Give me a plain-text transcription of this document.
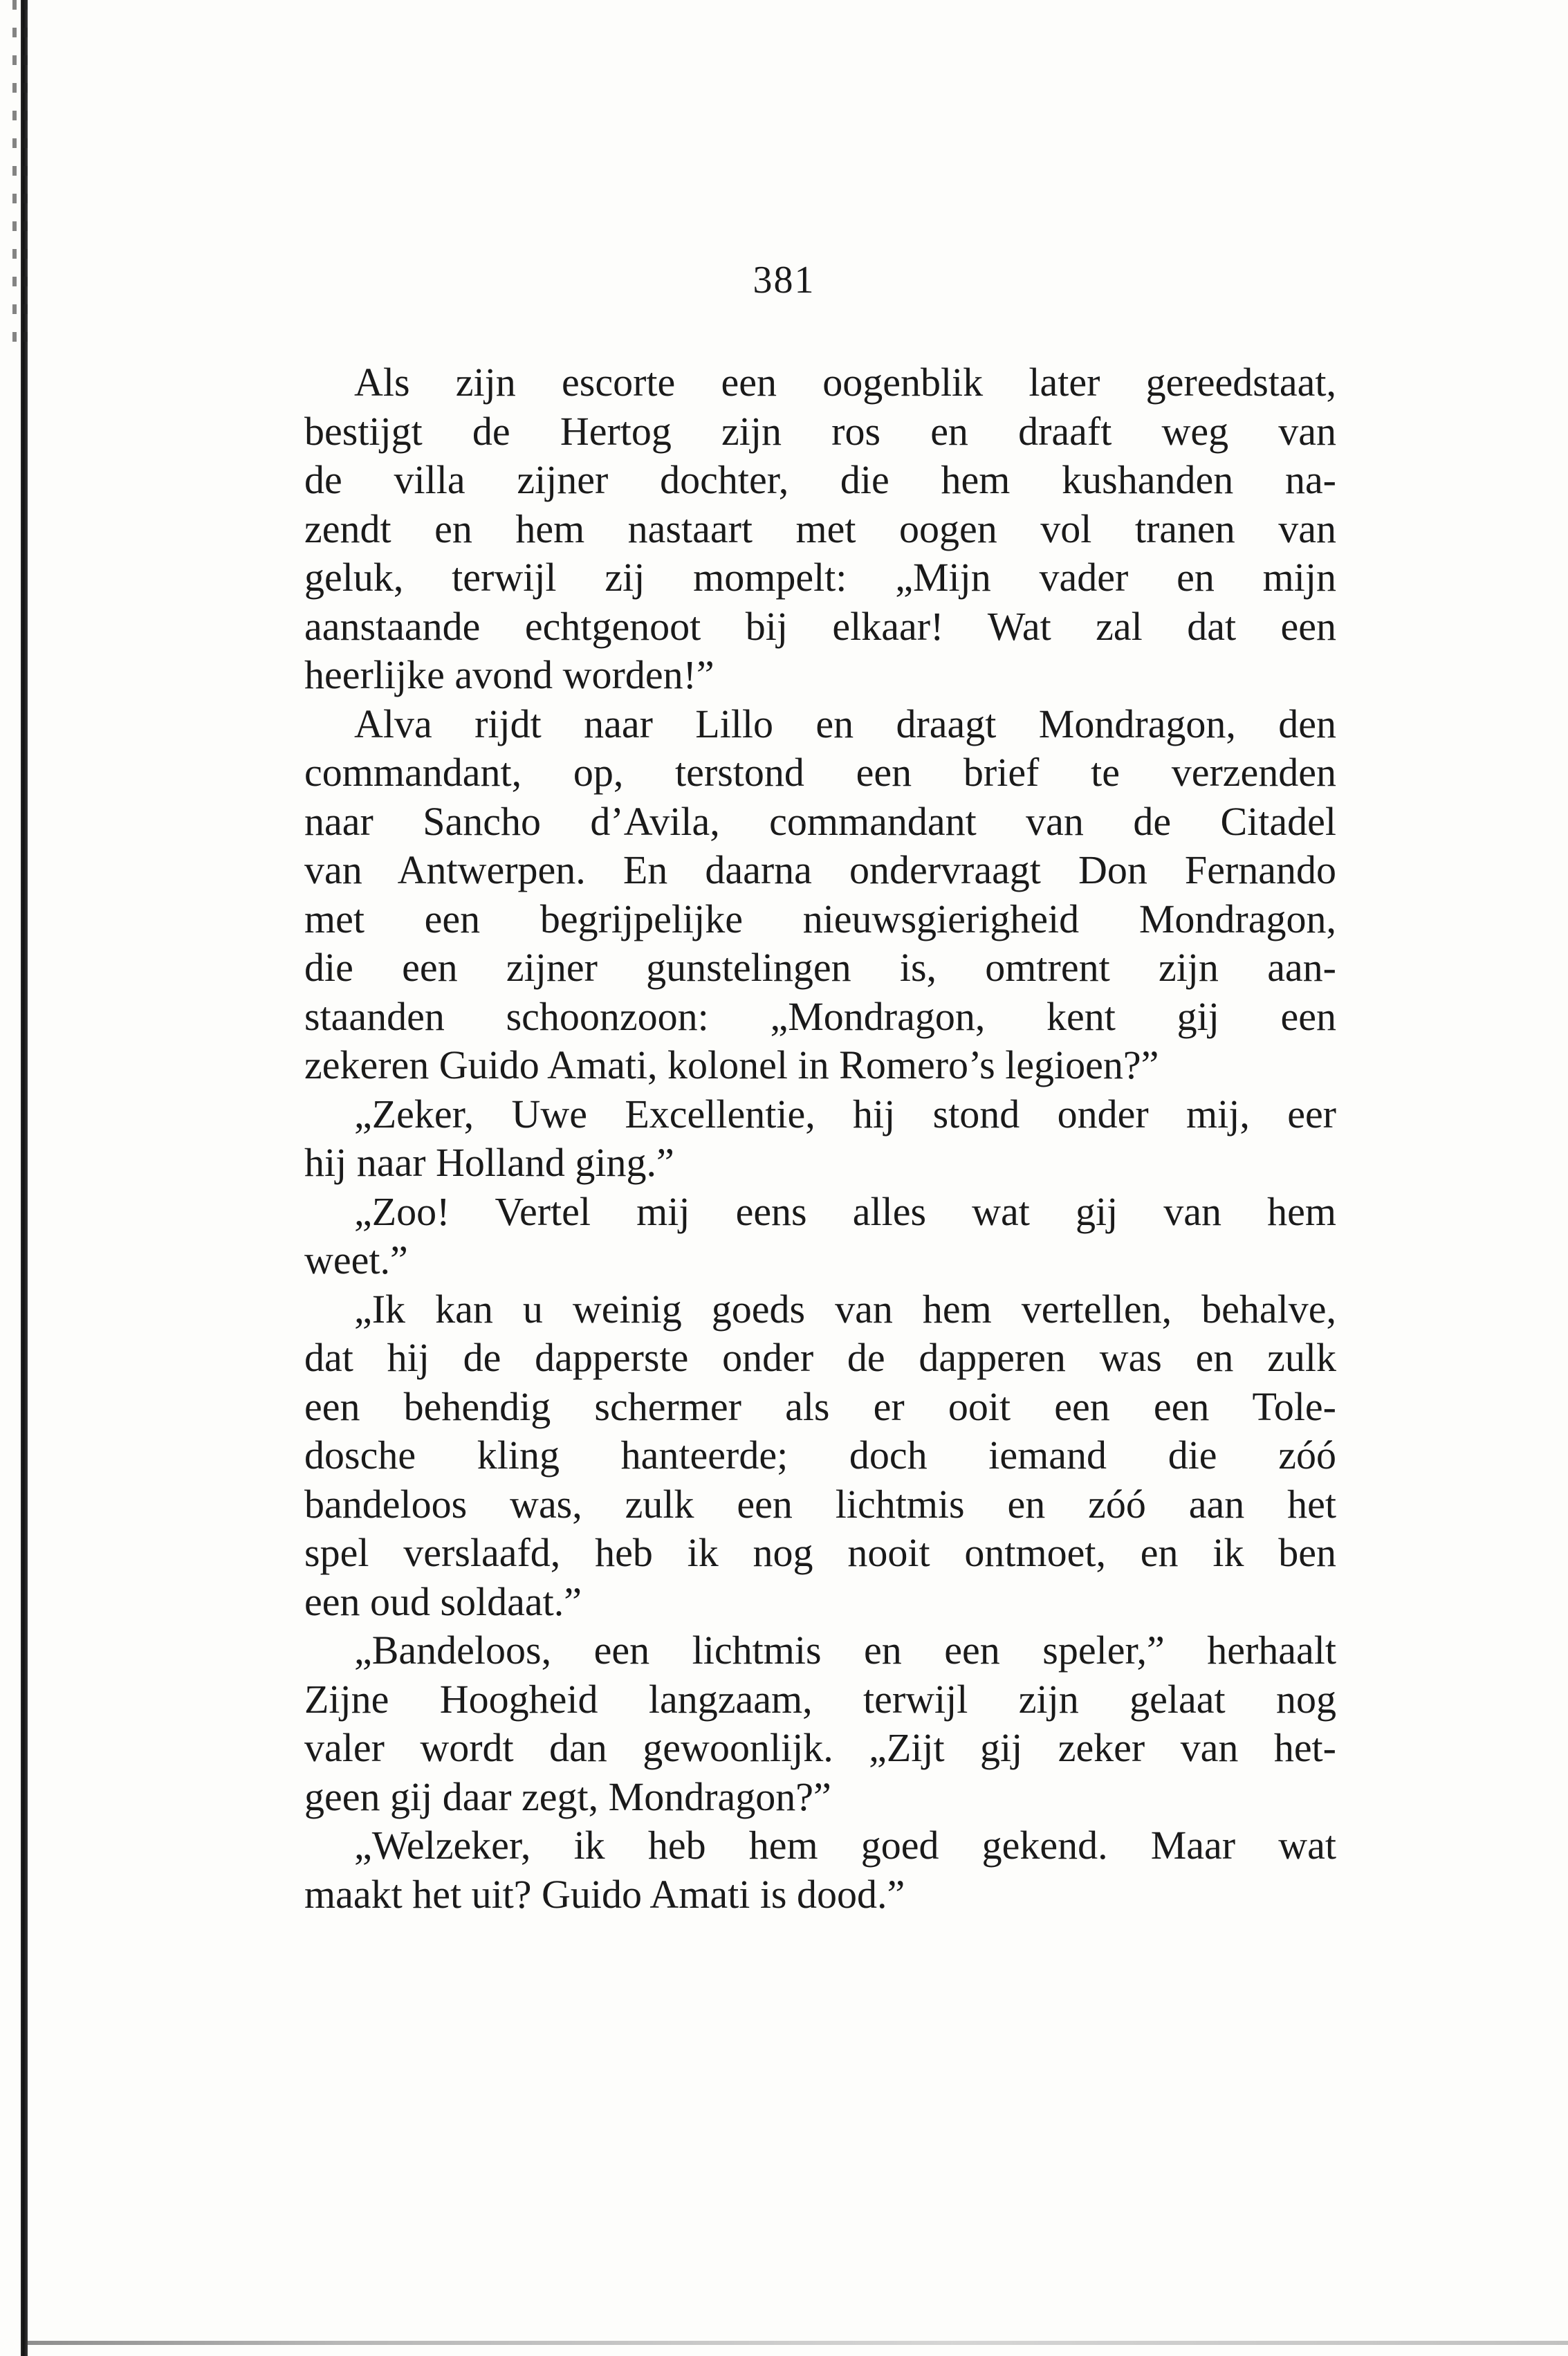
381

Als zijn escorte een oogenblik later gereedstaat,
bestijgt de Hertog zijn ros en draaft weg van
de villa zijner dochter, die hem kushanden na-
zendt en hem nastaart met oogen vol tranen van
geluk, terwijl zij mompelt: „Mijn vader en mijn
aanstaande echtgenoot bij elkaar! Wat zal dat een
heerlijke avond worden!”

Alva rijdt naar Lillo en draagt Mondragon, den
commandant, op, terstond een brief te verzenden
naar Sancho d’Avila, commandant van de Citadel
van Antwerpen. En daarna ondervraagt Don Fernando
met een begrijpelijke nieuwsgierigheid Mondragon,
die een zijner gunstelingen is, omtrent zijn aan-
staanden schoonzoon: „Mondragon, kent gij een
zekeren Guido Amati, kolonel in Romero’s legioen?”

„Zeker, Uwe Excellentie, hij stond onder mij, eer
hij naar Holland ging.”

„Zoo! Vertel mij eens alles wat gij van hem
weet.”

„Ik kan u weinig goeds van hem vertellen, behalve,
dat hij de dapperste onder de dapperen was en zulk
een behendig schermer als er ooit een een Tole-
dosche kling hanteerde; doch iemand die zóó
bandeloos was, zulk een lichtmis en zóó aan het
spel verslaafd, heb ik nog nooit ontmoet, en ik ben
een oud soldaat.”

„Bandeloos, een lichtmis en een speler,” herhaalt
Zijne Hoogheid langzaam, terwijl zijn gelaat nog
valer wordt dan gewoonlijk. „Zijt gij zeker van het-
geen gij daar zegt, Mondragon?”

„Welzeker, ik heb hem goed gekend. Maar wat
maakt het uit? Guido Amati is dood.”
